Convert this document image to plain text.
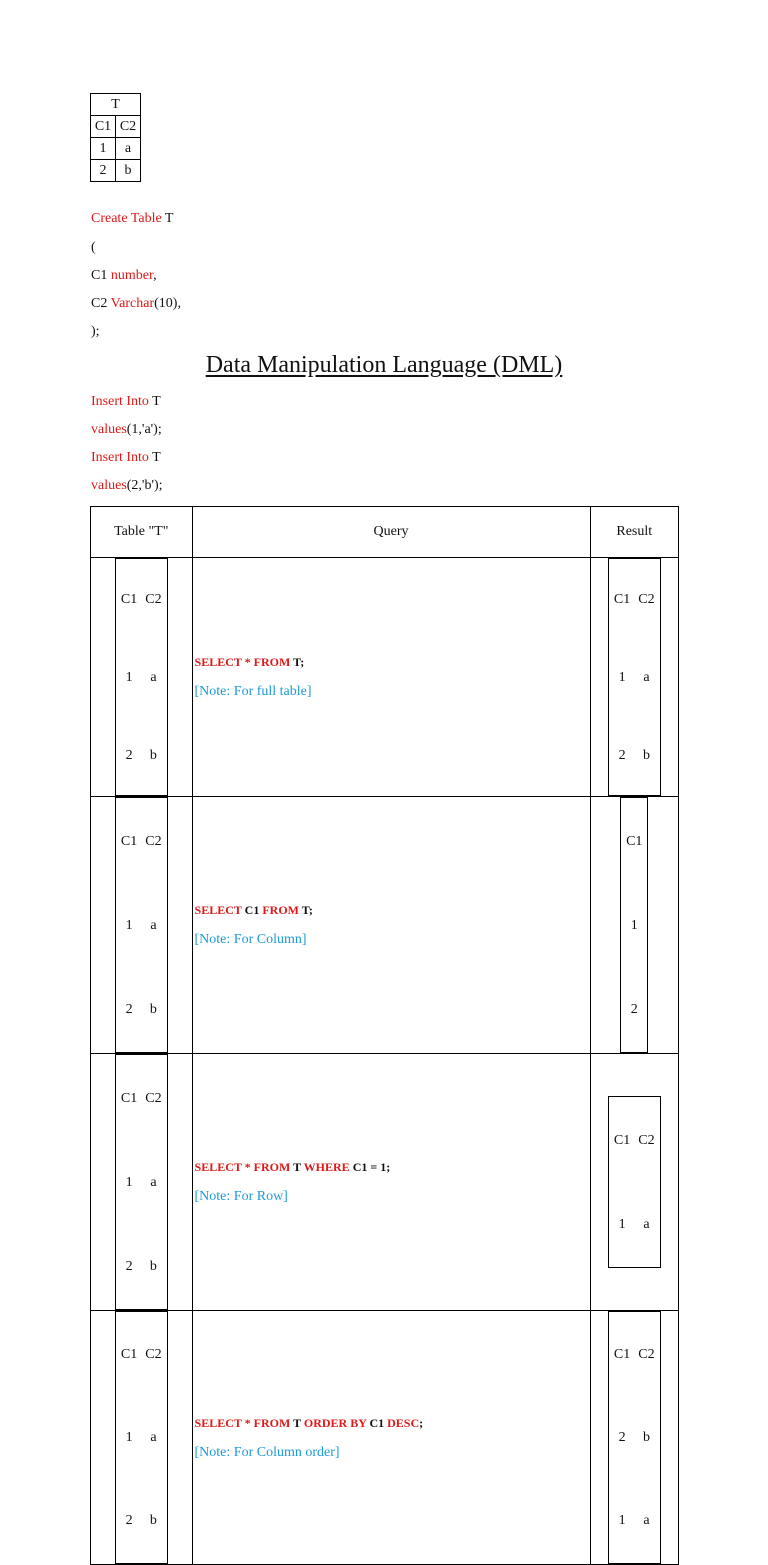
T	
C1	C2
1	a
2	b
Create Table T
(
C1 number,
C2 Varchar(10),
);
Data Manipulation Language (DML)
Insert Into T
values(1,'a');
Insert Into T
values(2,'b');
Table "T"	Query	Result

C1	C2
1	a
2	b

SELECT * FROM T;
[Note: For full table]

C1	C2
1	a
2	b

C1	C2
1	a
2	b

SELECT C1 FROM T;
[Note: For Column]

C1
1
2

C1	C2
1	a
2	b

SELECT * FROM T WHERE C1 = 1;
[Note: For Row]

C1	C2
1	a

C1	C2
1	a
2	b

SELECT * FROM T ORDER BY C1 DESC;
[Note: For Column order]

C1	C2
2	b
1	a
